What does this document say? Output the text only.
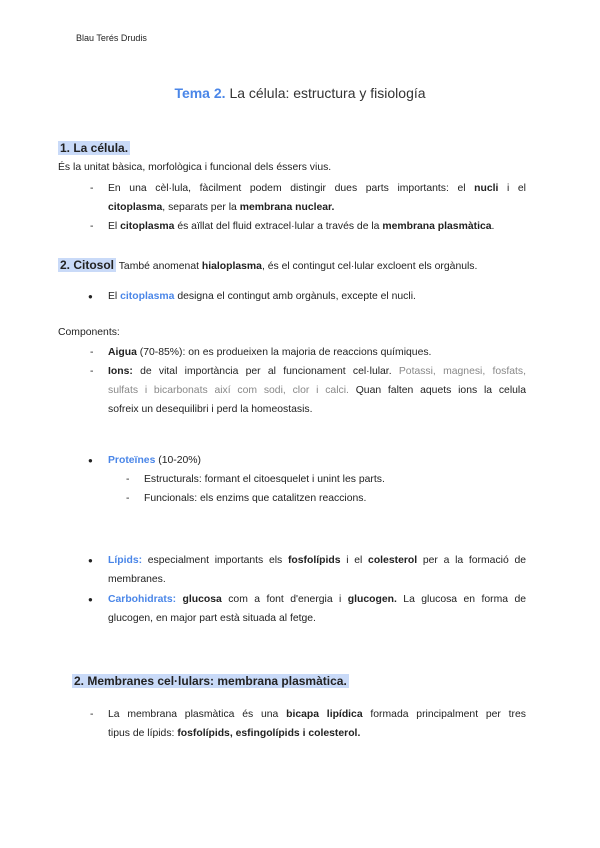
Blau Terés Drudis
Tema 2. La célula: estructura y fisiología
1. La célula.
És la unitat bàsica, morfològica i funcional dels éssers vius.
En una cèl·lula, fàcilment podem distingir dues parts importants: el nucli i el
citoplasma, separats per la membrana nuclear.
El citoplasma és aïllat del fluid extracel·lular a través de la membrana plasmàtica.
2. Citosol També anomenat hialoplasma, és el contingut cel·lular excloent els orgànuls.
El citoplasma designa el contingut amb orgànuls, excepte el nucli.
Components:
Aigua (70-85%): on es produeixen la majoria de reaccions químiques.
Ions: de vital importància per al funcionament cel·lular. Potassi, magnesi, fosfats,
sulfats i bicarbonats així com sodi, clor i calci. Quan falten aquets ions la celula
sofreix un desequilibri i perd la homeostasis.
Proteïnes (10-20%)
Estructurals: formant el citoesquelet i unint les parts.
Funcionals: els enzims que catalitzen reaccions.
Lípids: especialment importants els fosfolípids i el colesterol per a la formació de
membranes.
Carbohidrats: glucosa com a font d'energia i glucogen. La glucosa en forma de
glucogen, en major part està situada al fetge.
2. Membranes cel·lulars: membrana plasmàtica.
La membrana plasmàtica és una bicapa lipídica formada principalment per tres
tipus de lípids: fosfolípids, esfingolípids i colesterol.
